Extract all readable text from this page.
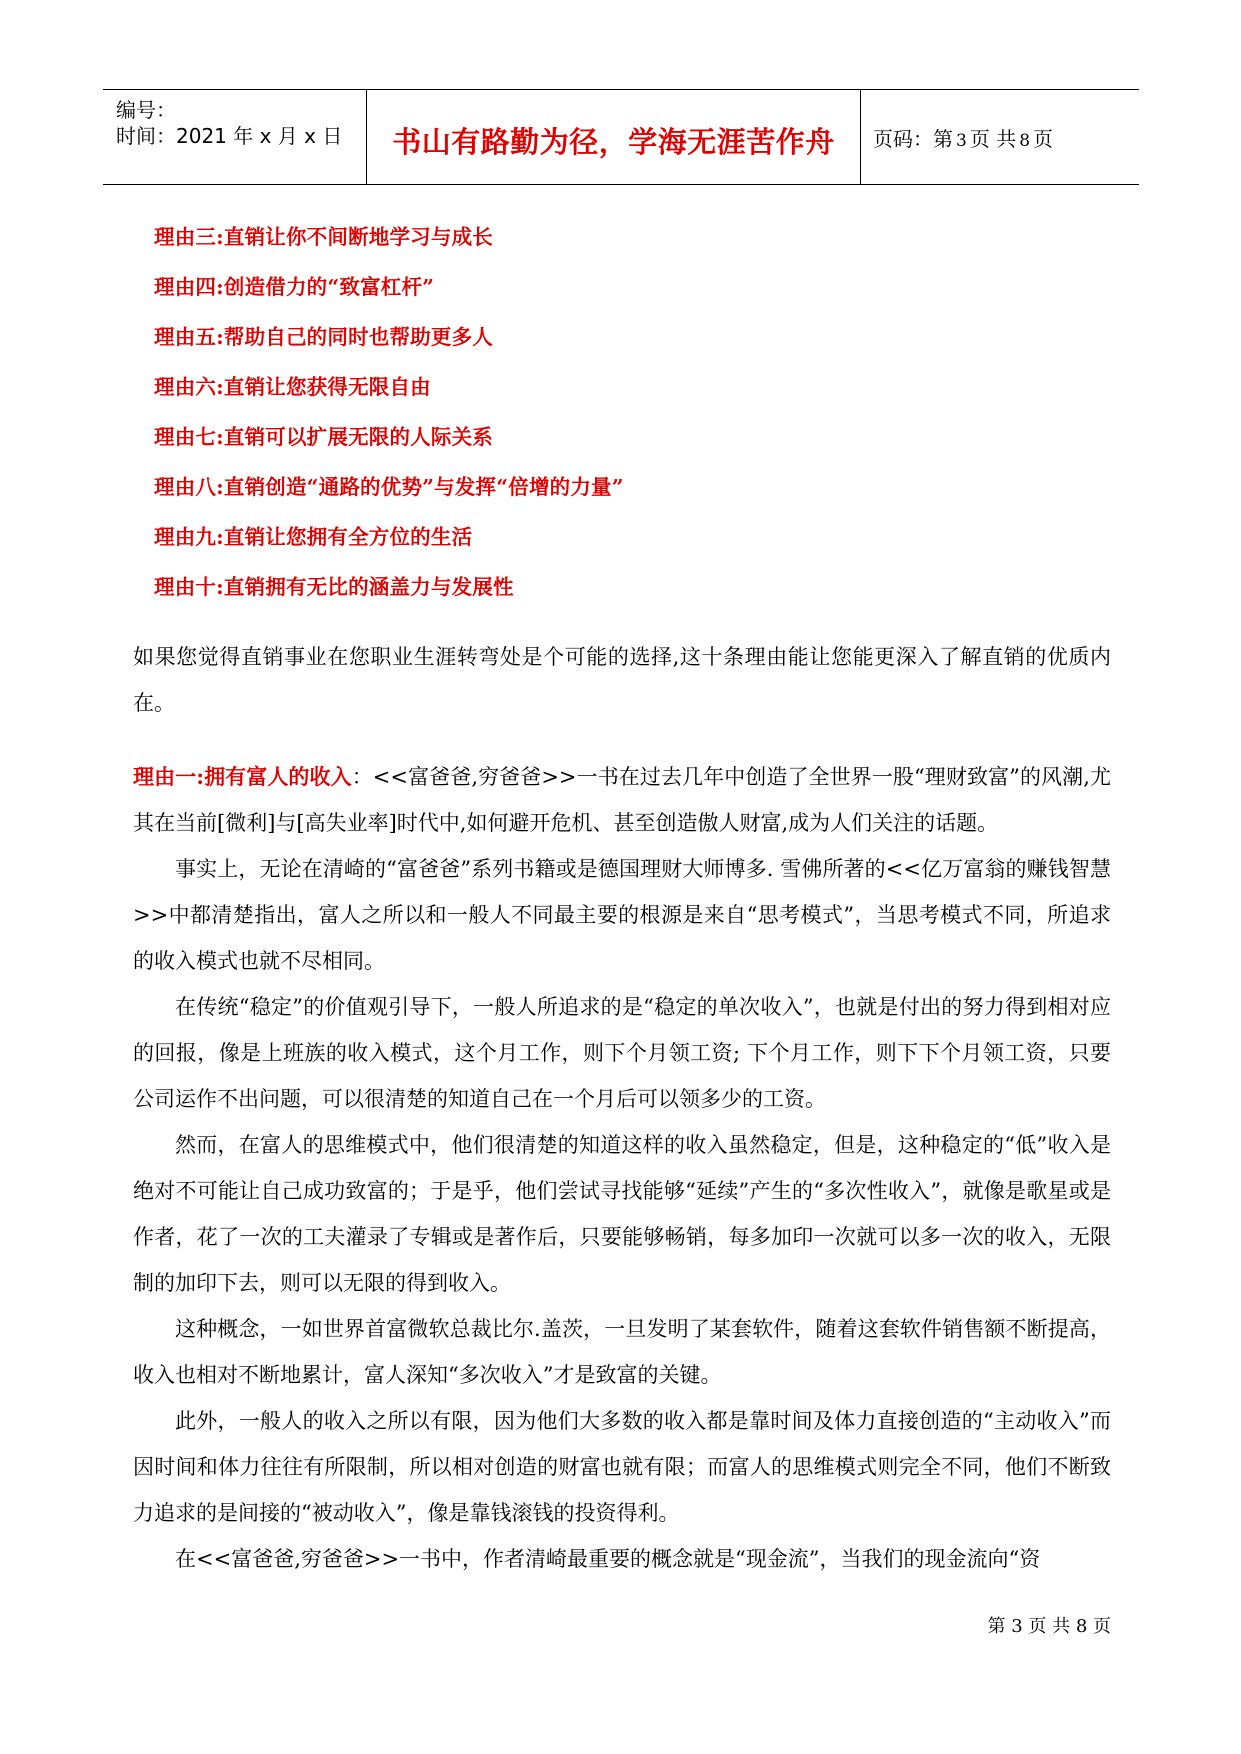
编号：
时间：2021 年 x 月 x 日	书山有路勤为径，学海无涯苦作舟	页码：第 3 页 共 8 页
理由三:直销让你不间断地学习与成长
理由四:创造借力的“致富杠杆”
理由五:帮助自己的同时也帮助更多人
理由六:直销让您获得无限自由
理由七:直销可以扩展无限的人际关系
理由八:直销创造“通路的优势”与发挥“倍增的力量”
理由九:直销让您拥有全方位的生活
理由十:直销拥有无比的涵盖力与发展性

如果您觉得直销事业在您职业生涯转弯处是个可能的选择,这十条理由能让您能更深入了解直销的优质内在。

理由一:拥有富人的收入：<<富爸爸,穷爸爸>>一书在过去几年中创造了全世界一股“理财致富”的风潮,尤其在当前[微利]与[高失业率]时代中,如何避开危机、甚至创造傲人财富,成为人们关注的话题。

事实上，无论在清崎的“富爸爸”系列书籍或是德国理财大师博多. 雪佛所著的<<亿万富翁的赚钱智慧>>中都清楚指出，富人之所以和一般人不同最主要的根源是来自“思考模式”，当思考模式不同，所追求的收入模式也就不尽相同。

在传统“稳定”的价值观引导下，一般人所追求的是“稳定的单次收入”，也就是付出的努力得到相对应的回报，像是上班族的收入模式，这个月工作，则下个月领工资; 下个月工作，则下下个月领工资，只要公司运作不出问题，可以很清楚的知道自己在一个月后可以领多少的工资。

然而，在富人的思维模式中，他们很清楚的知道这样的收入虽然稳定，但是，这种稳定的“低”收入是绝对不可能让自己成功致富的；于是乎，他们尝试寻找能够“延续”产生的“多次性收入”，就像是歌星或是作者，花了一次的工夫灌录了专辑或是著作后，只要能够畅销，每多加印一次就可以多一次的收入，无限制的加印下去，则可以无限的得到收入。

这种概念，一如世界首富微软总裁比尔.盖茨，一旦发明了某套软件，随着这套软件销售额不断提高，收入也相对不断地累计，富人深知“多次收入”才是致富的关键。

此外，一般人的收入之所以有限，因为他们大多数的收入都是靠时间及体力直接创造的“主动收入”而因时间和体力往往有所限制，所以相对创造的财富也就有限；而富人的思维模式则完全不同，他们不断致力追求的是间接的“被动收入”，像是靠钱滚钱的投资得利。

在<<富爸爸,穷爸爸>>一书中，作者清崎最重要的概念就是“现金流”，当我们的现金流向“资

第 3 页 共 8 页
